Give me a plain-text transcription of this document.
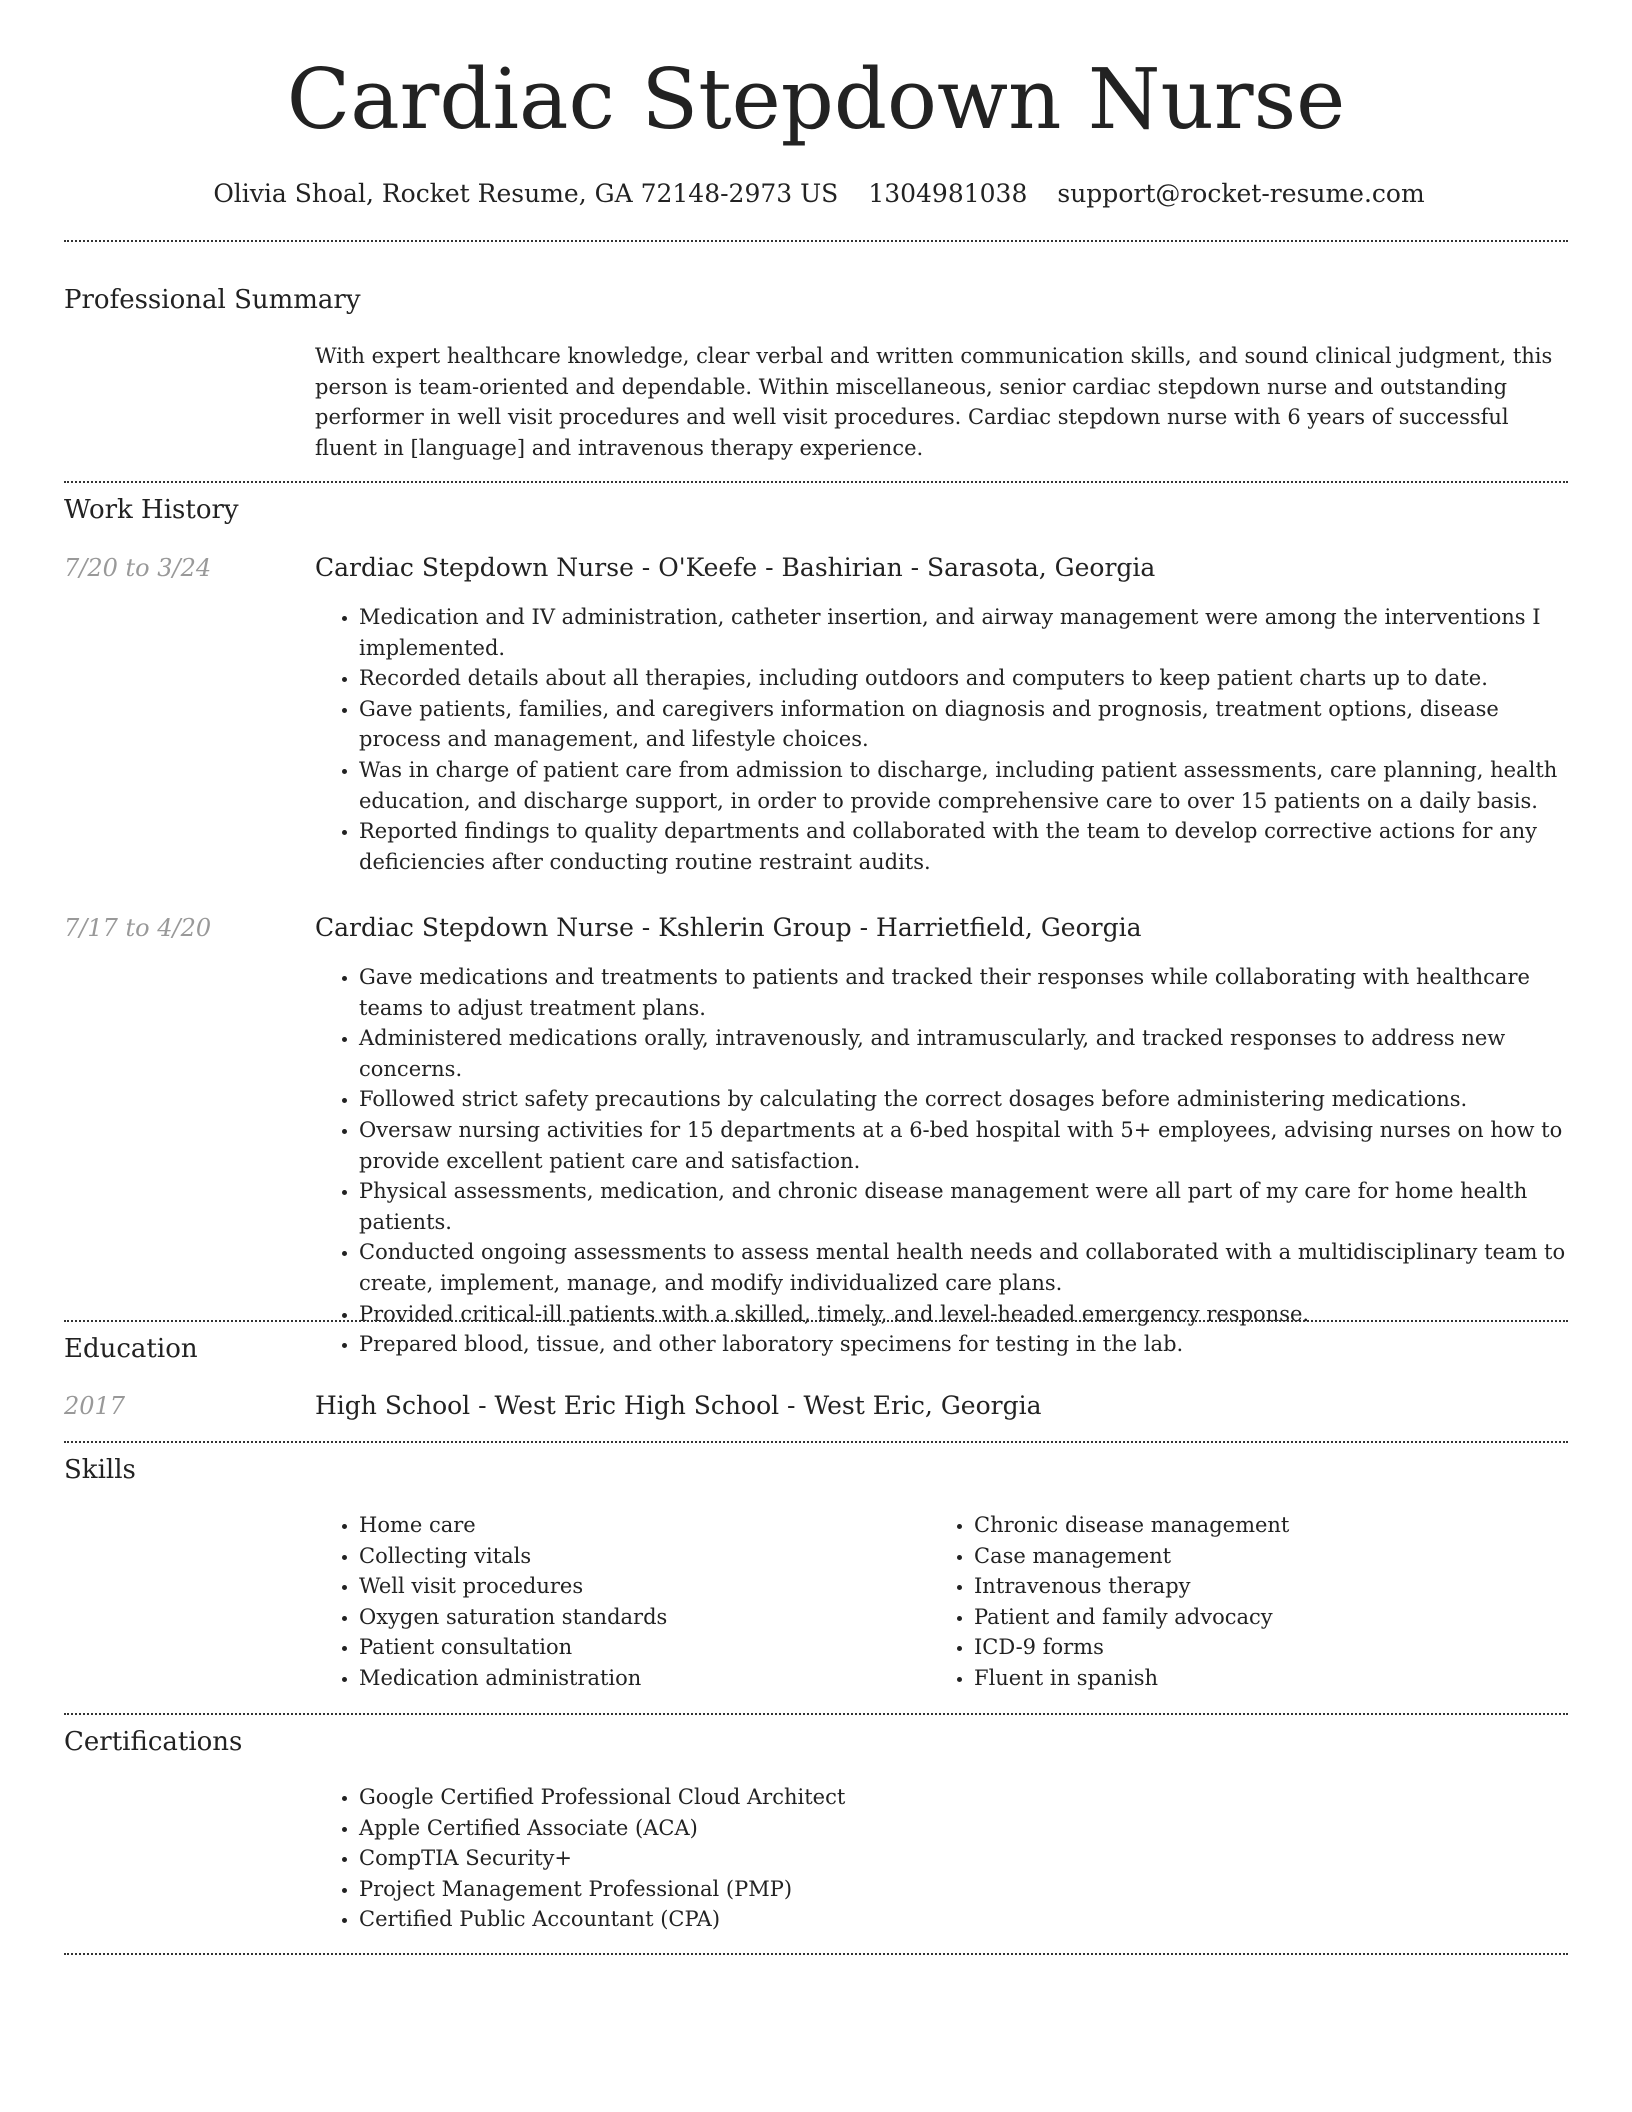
Cardiac Stepdown Nurse
Olivia Shoal, Rocket Resume, GA 72148-2973 US 1304981038 support@rocket-resume.com
Professional Summary
With expert healthcare knowledge, clear verbal and written communication skills, and sound clinical judgment, this person is team-oriented and dependable. Within miscellaneous, senior cardiac stepdown nurse and outstanding performer in well visit procedures and well visit procedures. Cardiac stepdown nurse with 6 years of successful fluent in [language] and intravenous therapy experience.
Work History
7/20 to 3/24	Cardiac Stepdown Nurse - O'Keefe - Bashirian - Sarasota, Georgia
• Medication and IV administration, catheter insertion, and airway management were among the interventions I implemented.
• Recorded details about all therapies, including outdoors and computers to keep patient charts up to date.
• Gave patients, families, and caregivers information on diagnosis and prognosis, treatment options, disease process and management, and lifestyle choices.
• Was in charge of patient care from admission to discharge, including patient assessments, care planning, health education, and discharge support, in order to provide comprehensive care to over 15 patients on a daily basis.
• Reported findings to quality departments and collaborated with the team to develop corrective actions for any deficiencies after conducting routine restraint audits.
7/17 to 4/20	Cardiac Stepdown Nurse - Kshlerin Group - Harrietfield, Georgia
• Gave medications and treatments to patients and tracked their responses while collaborating with healthcare teams to adjust treatment plans.
• Administered medications orally, intravenously, and intramuscularly, and tracked responses to address new concerns.
• Followed strict safety precautions by calculating the correct dosages before administering medications.
• Oversaw nursing activities for 15 departments at a 6-bed hospital with 5+ employees, advising nurses on how to provide excellent patient care and satisfaction.
• Physical assessments, medication, and chronic disease management were all part of my care for home health patients.
• Conducted ongoing assessments to assess mental health needs and collaborated with a multidisciplinary team to create, implement, manage, and modify individualized care plans.
• Provided critical-ill patients with a skilled, timely, and level-headed emergency response.
• Prepared blood, tissue, and other laboratory specimens for testing in the lab.
Education
2017	High School - West Eric High School - West Eric, Georgia
Skills
• Home care
• Collecting vitals
• Well visit procedures
• Oxygen saturation standards
• Patient consultation
• Medication administration
• Chronic disease management
• Case management
• Intravenous therapy
• Patient and family advocacy
• ICD-9 forms
• Fluent in spanish
Certifications
• Google Certified Professional Cloud Architect
• Apple Certified Associate (ACA)
• CompTIA Security+
• Project Management Professional (PMP)
• Certified Public Accountant (CPA)
